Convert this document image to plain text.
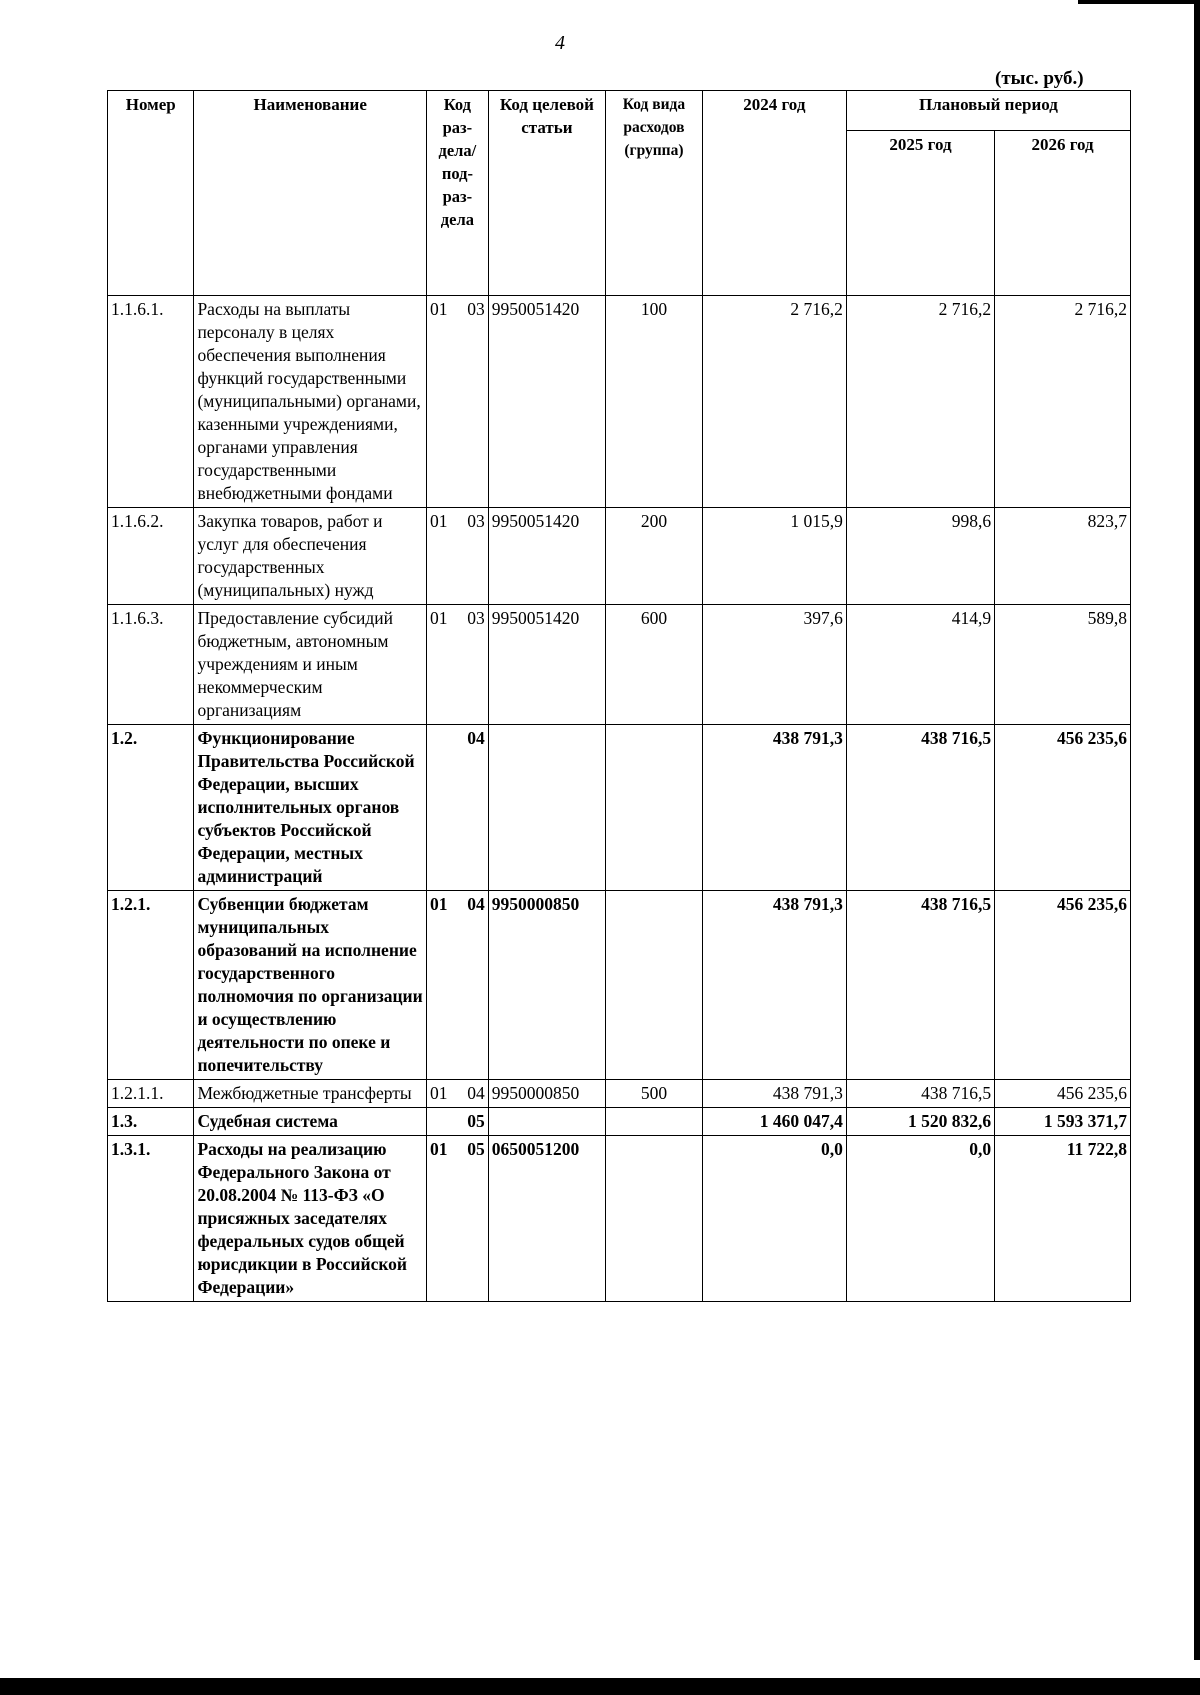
4
(тыс. руб.)
Номер	Наименование	Код раз-дела/ под-раз-дела	Код целевой статьи	Код вида расходов (группа)	2024 год	Плановый период	
						2025 год	2026 год
1.1.6.1.	Расходы на выплаты персоналу в целях обеспечения выполнения функций государственными (муниципальными) органами, казенными учреждениями, органами управления государственными внебюджетными фондами	01 03	9950051420	100	2 716,2	2 716,2	2 716,2
1.1.6.2.	Закупка товаров, работ и услуг для обеспечения государственных (муниципальных) нужд	01 03	9950051420	200	1 015,9	998,6	823,7
1.1.6.3.	Предоставление субсидий бюджетным, автономным учреждениям и иным некоммерческим организациям	01 03	9950051420	600	397,6	414,9	589,8
1.2.	Функционирование Правительства Российской Федерации, высших исполнительных органов субъектов Российской Федерации, местных администраций	04			438 791,3	438 716,5	456 235,6
1.2.1.	Субвенции бюджетам муниципальных образований на исполнение государственного полномочия по организации и осуществлению деятельности по опеке и попечительству	01 04	9950000850		438 791,3	438 716,5	456 235,6
1.2.1.1.	Межбюджетные трансферты	01 04	9950000850	500	438 791,3	438 716,5	456 235,6
1.3.	Судебная система	05			1 460 047,4	1 520 832,6	1 593 371,7
1.3.1.	Расходы на реализацию Федерального Закона от 20.08.2004 № 113-ФЗ «О присяжных заседателях федеральных судов общей юрисдикции в Российской Федерации»	01 05	0650051200		0,0	0,0	11 722,8
